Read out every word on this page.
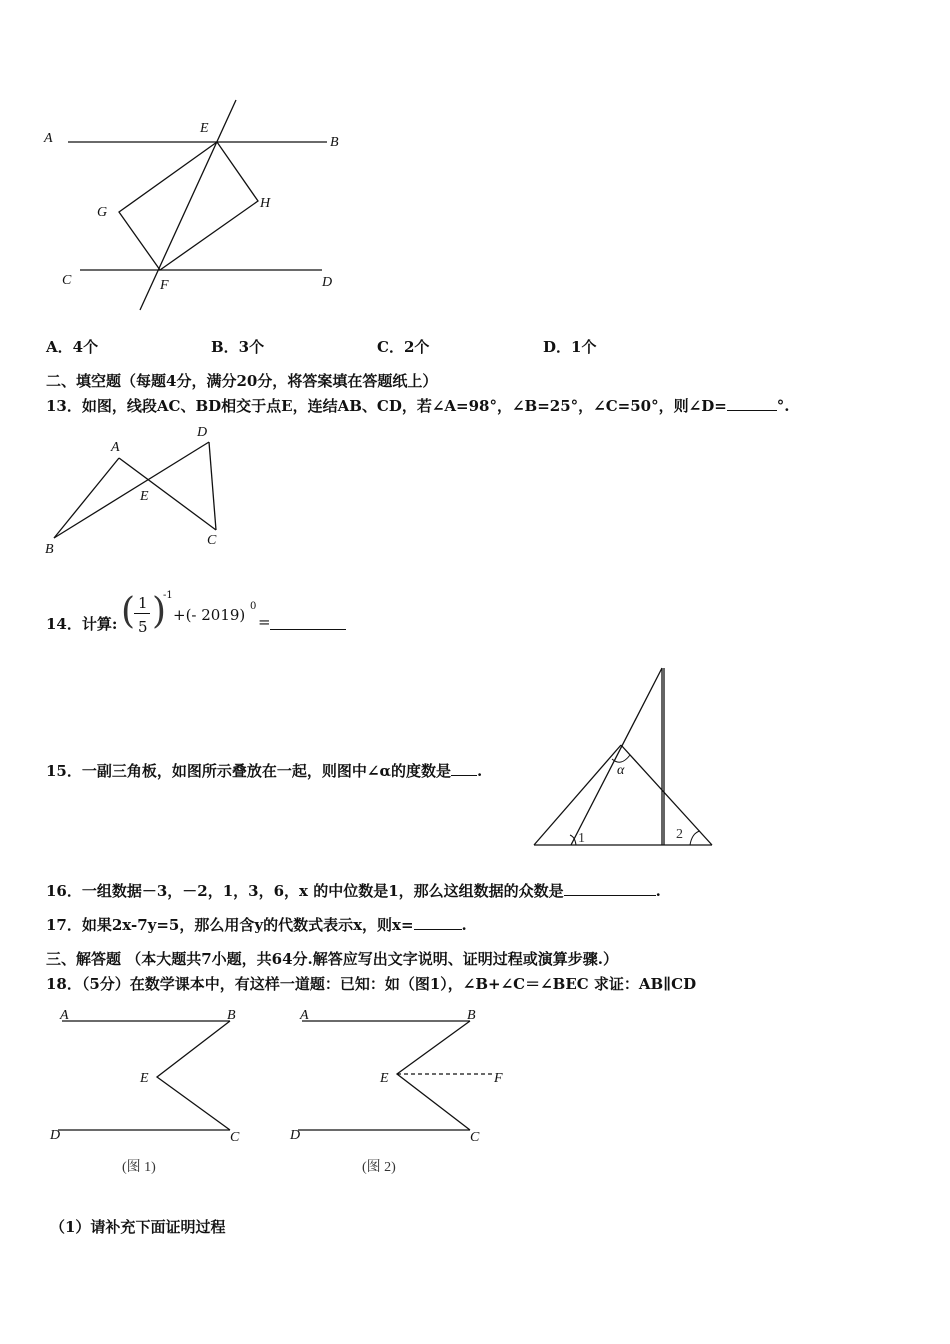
A
E
B
G
H
C	F	D
A．4个	B．3个	C．2个	D．1个
二、填空题（每题4分，满分20分，将答案填在答题纸上）
13．如图，线段AC、BD相交于点E，连结AB、CD，若∠A=98°，∠B=25°，∠C=50°，则∠D=	°.
A
D
E
B
C
14．计算: ( 1
5 )
-1
+(- 2019) 0
=
15．一副三角板，如图所示叠放在一起，则图中∠α的度数是 .	α
1	2
16．一组数据－3，－2，1，3，6，x 的中位数是1，那么这组数据的众数是	.
17．如果2x-7y=5，那么用含y的代数式表示x，则x=	.
三、解答题 （本大题共7小题，共64分.解答应写出文字说明、证明过程或演算步骤.）
18．（5分）在数学课本中，有这样一道题：已知：如（图1），∠B+∠C＝∠BEC 求证：AB∥CD
A	B
E
D	C
(图 1)
A	B
E	F
D	C
(图 2)
（1）请补充下面证明过程
